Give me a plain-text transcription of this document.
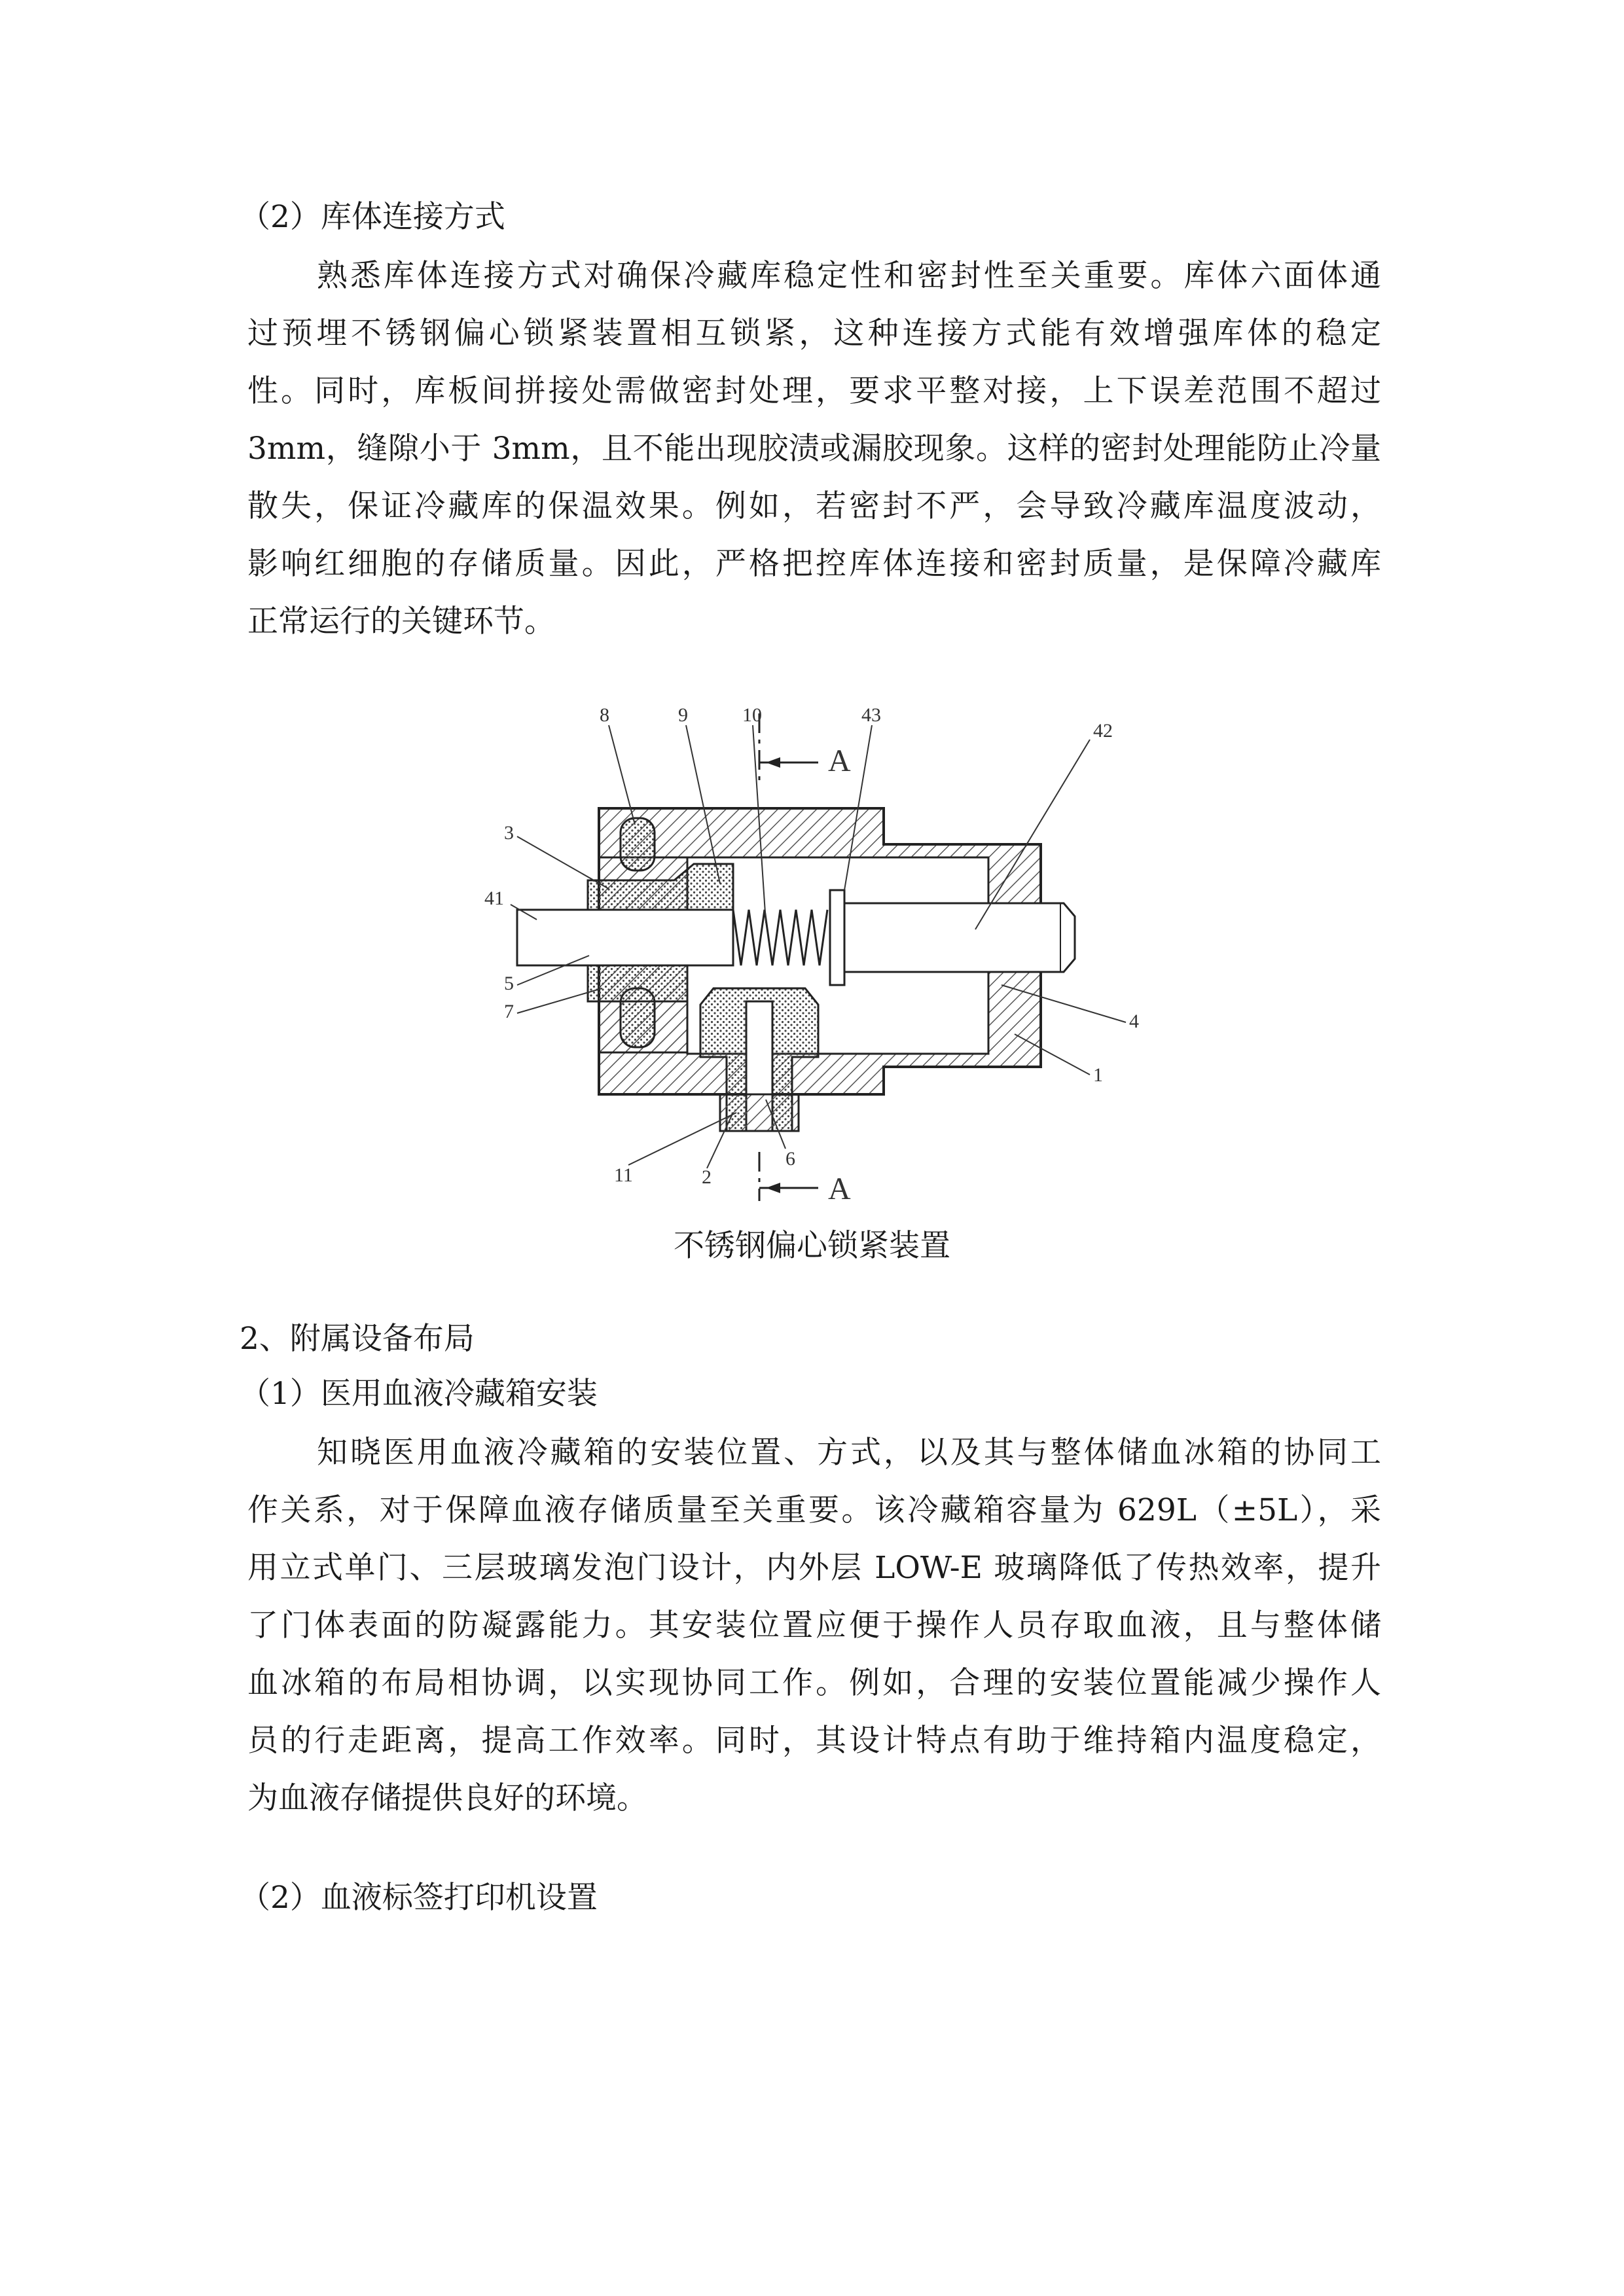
（2）库体连接方式
熟悉库体连接方式对确保冷藏库稳定性和密封性至关重要。库体六面体通
过预埋不锈钢偏心锁紧装置相互锁紧，这种连接方式能有效增强库体的稳定
性。同时，库板间拼接处需做密封处理，要求平整对接，上下误差范围不超过
3mm，缝隙小于 3mm，且不能出现胶渍或漏胶现象。这样的密封处理能防止冷量
散失，保证冷藏库的保温效果。例如，若密封不严，会导致冷藏库温度波动，
影响红细胞的存储质量。因此，严格把控库体连接和密封质量，是保障冷藏库
正常运行的关键环节。
8	9	10	43
42
3
41
5
7	4
1
11	2
6
A
A
不锈钢偏心锁紧装置
2、附属设备布局
（1）医用血液冷藏箱安装
知晓医用血液冷藏箱的安装位置、方式，以及其与整体储血冰箱的协同工
作关系，对于保障血液存储质量至关重要。该冷藏箱容量为 629L（±5L），采
用立式单门、三层玻璃发泡门设计，内外层 LOW-E 玻璃降低了传热效率，提升
了门体表面的防凝露能力。其安装位置应便于操作人员存取血液，且与整体储
血冰箱的布局相协调，以实现协同工作。例如，合理的安装位置能减少操作人
员的行走距离，提高工作效率。同时，其设计特点有助于维持箱内温度稳定，
为血液存储提供良好的环境。
（2）血液标签打印机设置
